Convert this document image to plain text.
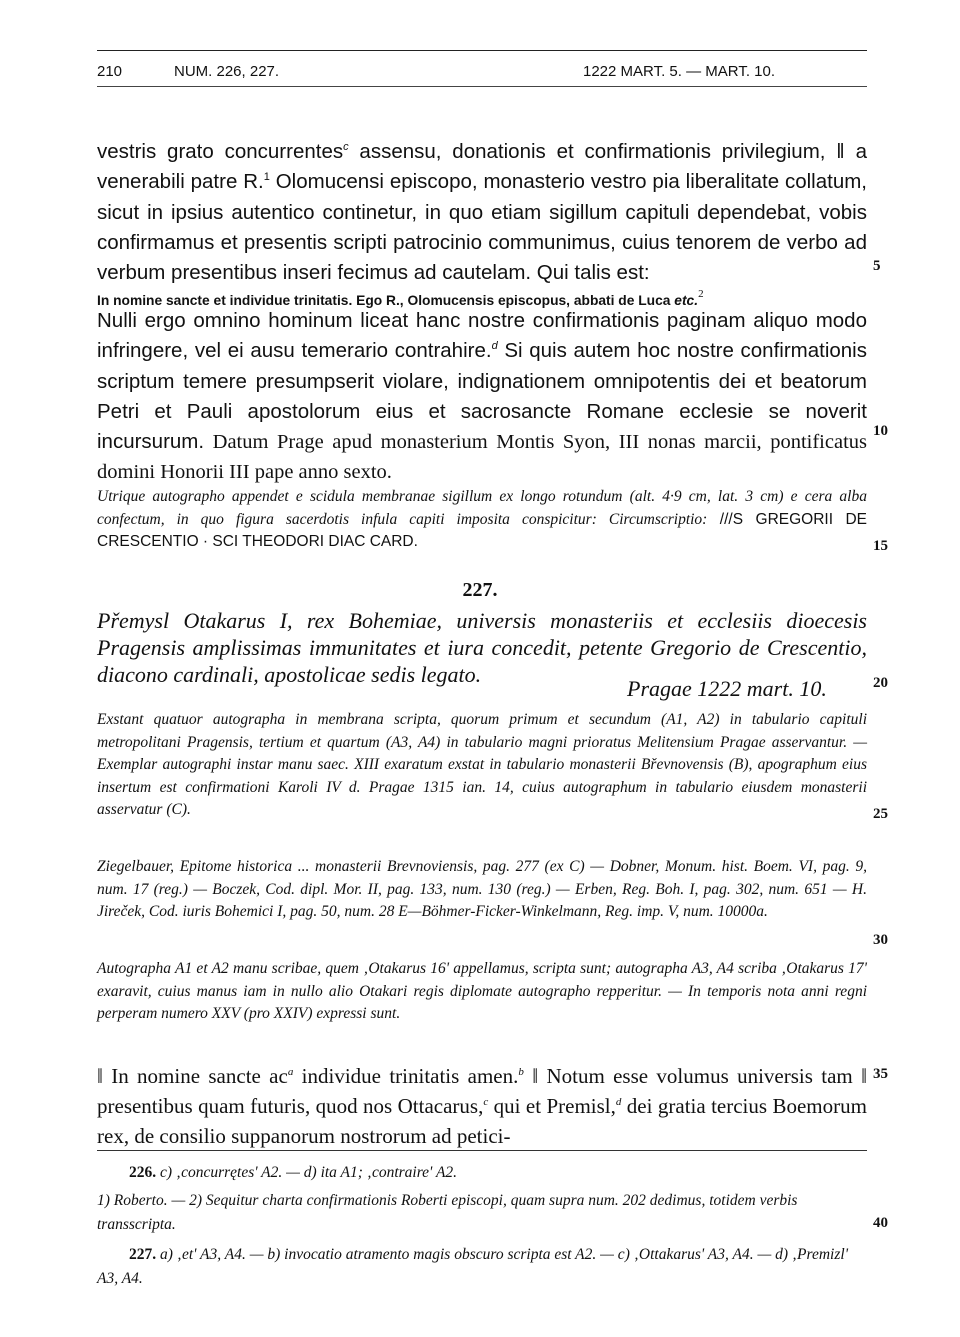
210	NUM. 226, 227.	1222 MART. 5. — MART. 10.
vestris grato concurrentes$^c$ assensu, donationis et confirmationis privilegium, ‖ a venerabili patre R.$^1$ Olomucensi episcopo, monasterio vestro pia liberalitate collatum, sicut in ipsius autentico continetur, in quo etiam sigillum capituli dependebat, vobis confirmamus et presentis scripti patrocinio communimus, cuius tenorem de verbo ad verbum presentibus inseri fecimus ad cautelam. Qui talis est:
In nomine sancte et individue trinitatis. Ego R., Olomucensis episcopus, abbati de Luca etc.$^2$
Nulli ergo omnino hominum liceat hanc nostre confirmationis paginam aliquo modo infringere, vel ei ausu temerario contrahire.$^d$ Si quis autem hoc nostre confirmationis scriptum temere presumpserit violare, indignationem omnipotentis dei et beatorum Petri et Pauli apostolorum eius et sacrosancte Romane ecclesie se noverit incursurum. Datum Prage apud monasterium Montis Syon, III nonas marcii, pontificatus domini Honorii III pape anno sexto.
Utrique autographo appendet e scidula membranae sigillum ex longo rotundum (alt. 4·9 cm, lat. 3 cm) e cera alba confectum, in quo figura sacerdotis infula capiti imposita conspicitur: Circumscriptio: ///S GREGORII DE CRESCENTIO · SCI THEODORI DIAC CARD.
227.
Přemysl Otakarus I, rex Bohemiae, universis monasteriis et ecclesiis dioecesis Pragensis amplissimas immunitates et iura concedit, petente Gregorio de Crescentio, diacono cardinali, apostolicae sedis legato.
Pragae 1222 mart. 10.
Exstant quatuor autographa in membrana scripta, quorum primum et secundum (A1, A2) in tabulario capituli metropolitani Pragensis, tertium et quartum (A3, A4) in tabulario magni prioratus Melitensium Pragae asservantur. — Exemplar autographi instar manu saec. XIII exaratum exstat in tabulario monasterii Břevnovensis (B), apographum eius insertum est confirmationi Karoli IV d. Pragae 1315 ian. 14, cuius autographum in tabulario eiusdem monasterii asservatur (C).
Ziegelbauer, Epitome historica ... monasterii Brevnoviensis, pag. 277 (ex C) — Dobner, Monum. hist. Boem. VI, pag. 9, num. 17 (reg.) — Boczek, Cod. dipl. Mor. II, pag. 133, num. 130 (reg.) — Erben, Reg. Boh. I, pag. 302, num. 651 — H. Jireček, Cod. iuris Bohemici I, pag. 50, num. 28 E—Böhmer-Ficker-Winkelmann, Reg. imp. V, num. 10000a.
Autographa A1 et A2 manu scribae, quem ‚Otakarus 16' appellamus, scripta sunt; autographa A3, A4 scriba ‚Otakarus 17' exaravit, cuius manus iam in nullo alio Otakari regis diplomate autographo repperitur. — In temporis nota anni regni perperam numero XXV (pro XXIV) expressi sunt.
‖ In nomine sancte $ac^a$ individue trinitatis amen.$^b$ ‖ Notum esse volumus universis tam ‖ presentibus quam futuris, quod nos Ottacarus,$^c$ qui et Premisl,$^d$ dei gratia tercius Boemorum rex, de consilio suppanorum nostrorum ad petici-
5
10
15
20
25
30
35
40
226. c) ‚concurrętes' A2. — d) ita A1; ‚contraire' A2.
1) Roberto. — 2) Sequitur charta confirmationis Roberti episcopi, quam supra num. 202 dedimus, totidem verbis transscripta.
227. a) ‚et' A3, A4. — b) invocatio atramento magis obscuro scripta est A2. — c) ‚Ottakarus' A3, A4. — d) ‚Premizl' A3, A4.
